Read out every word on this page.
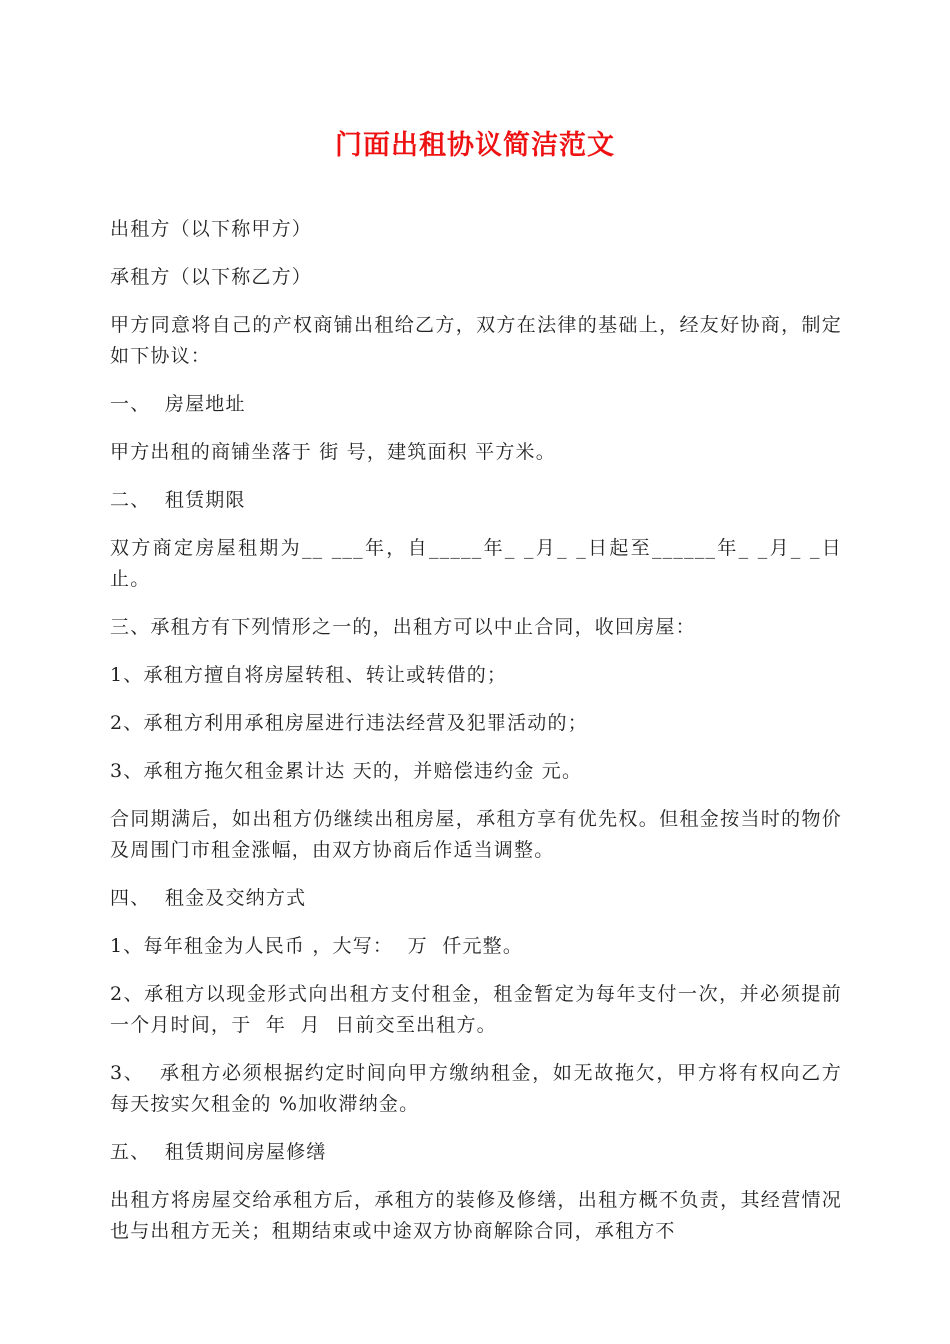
门面出租协议简洁范文

出租方（以下称甲方）

承租方（以下称乙方）

甲方同意将自己的产权商铺出租给乙方，双方在法律的基础上，经友好协商，制定如下协议：

一、  房屋地址

甲方出租的商铺坐落于 街 号，建筑面积 平方米。

二、  租赁期限

双方商定房屋租期为__ ___年，自_____年_ _月_ _日起至______年_ _月_ _日止。

三、承租方有下列情形之一的，出租方可以中止合同，收回房屋：

1、承租方擅自将房屋转租、转让或转借的；

2、承租方利用承租房屋进行违法经营及犯罪活动的；

3、承租方拖欠租金累计达 天的，并赔偿违约金 元。

合同期满后，如出租方仍继续出租房屋，承租方享有优先权。但租金按当时的物价及周围门市租金涨幅，由双方协商后作适当调整。

四、  租金及交纳方式

1、每年租金为人民币 ，大写：  万  仟元整。

2、承租方以现金形式向出租方支付租金，租金暂定为每年支付一次，并必须提前一个月时间，于  年  月  日前交至出租方。

3、  承租方必须根据约定时间向甲方缴纳租金，如无故拖欠，甲方将有权向乙方每天按实欠租金的 %加收滞纳金。

五、  租赁期间房屋修缮

出租方将房屋交给承租方后，承租方的装修及修缮，出租方概不负责，其经营情况也与出租方无关；租期结束或中途双方协商解除合同，承租方不
